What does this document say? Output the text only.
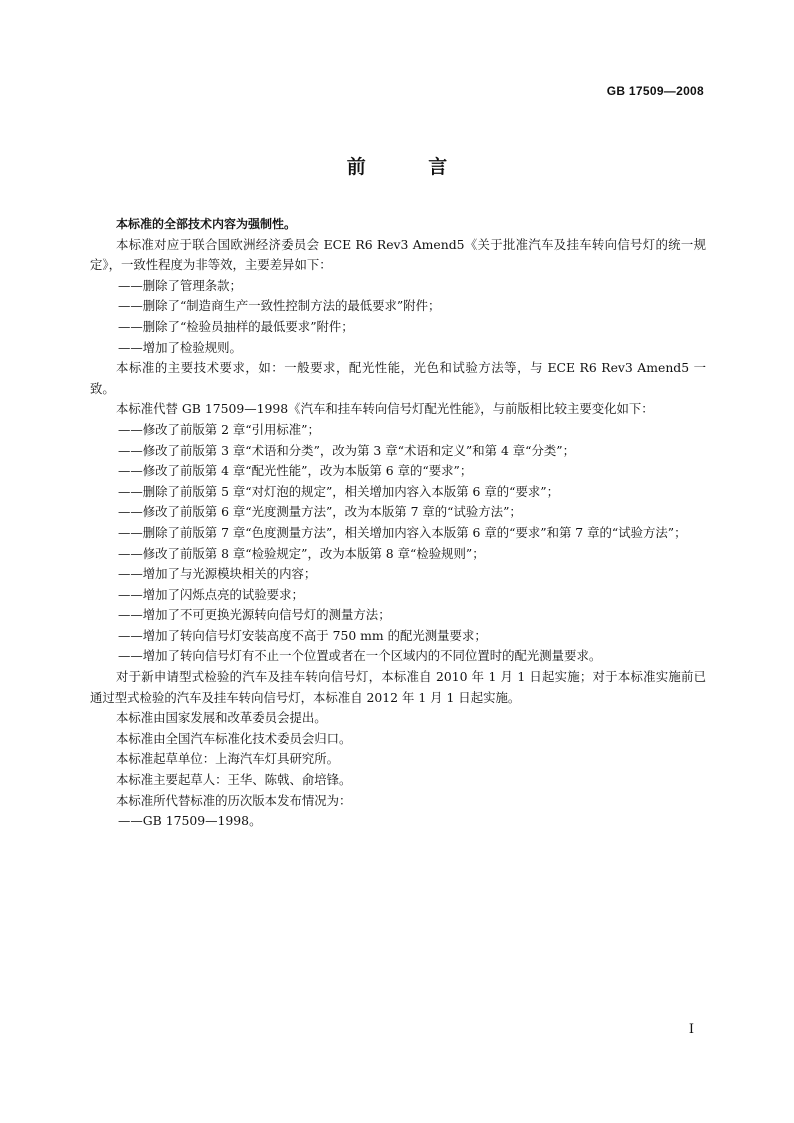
GB 17509—2008
前 言

本标准的全部技术内容为强制性。

本标准对应于联合国欧洲经济委员会 ECE R6 Rev3 Amend5《关于批准汽车及挂车转向信号灯的统一规定》，一致性程度为非等效，主要差异如下：

——删除了管理条款；

——删除了“制造商生产一致性控制方法的最低要求”附件；

——删除了“检验员抽样的最低要求”附件；

——增加了检验规则。

本标准的主要技术要求，如：一般要求，配光性能，光色和试验方法等，与 ECE R6 Rev3 Amend5 一致。

本标准代替 GB 17509—1998《汽车和挂车转向信号灯配光性能》，与前版相比较主要变化如下：

——修改了前版第 2 章“引用标准”；

——修改了前版第 3 章“术语和分类”，改为第 3 章“术语和定义”和第 4 章“分类”；

——修改了前版第 4 章“配光性能”，改为本版第 6 章的“要求”；

——删除了前版第 5 章“对灯泡的规定”，相关增加内容入本版第 6 章的“要求”；

——修改了前版第 6 章“光度测量方法”，改为本版第 7 章的“试验方法”；

——删除了前版第 7 章“色度测量方法”，相关增加内容入本版第 6 章的“要求”和第 7 章的“试验方法”；

——修改了前版第 8 章“检验规定”，改为本版第 8 章“检验规则”；

——增加了与光源模块相关的内容；

——增加了闪烁点亮的试验要求；

——增加了不可更换光源转向信号灯的测量方法；

——增加了转向信号灯安装高度不高于 750 mm 的配光测量要求；

——增加了转向信号灯有不止一个位置或者在一个区域内的不同位置时的配光测量要求。

对于新申请型式检验的汽车及挂车转向信号灯，本标准自 2010 年 1 月 1 日起实施；对于本标准实施前已通过型式检验的汽车及挂车转向信号灯，本标准自 2012 年 1 月 1 日起实施。

本标准由国家发展和改革委员会提出。

本标准由全国汽车标准化技术委员会归口。

本标准起草单位：上海汽车灯具研究所。

本标准主要起草人：王华、陈戟、俞培锋。

本标准所代替标准的历次版本发布情况为：

——GB 17509—1998。

I
